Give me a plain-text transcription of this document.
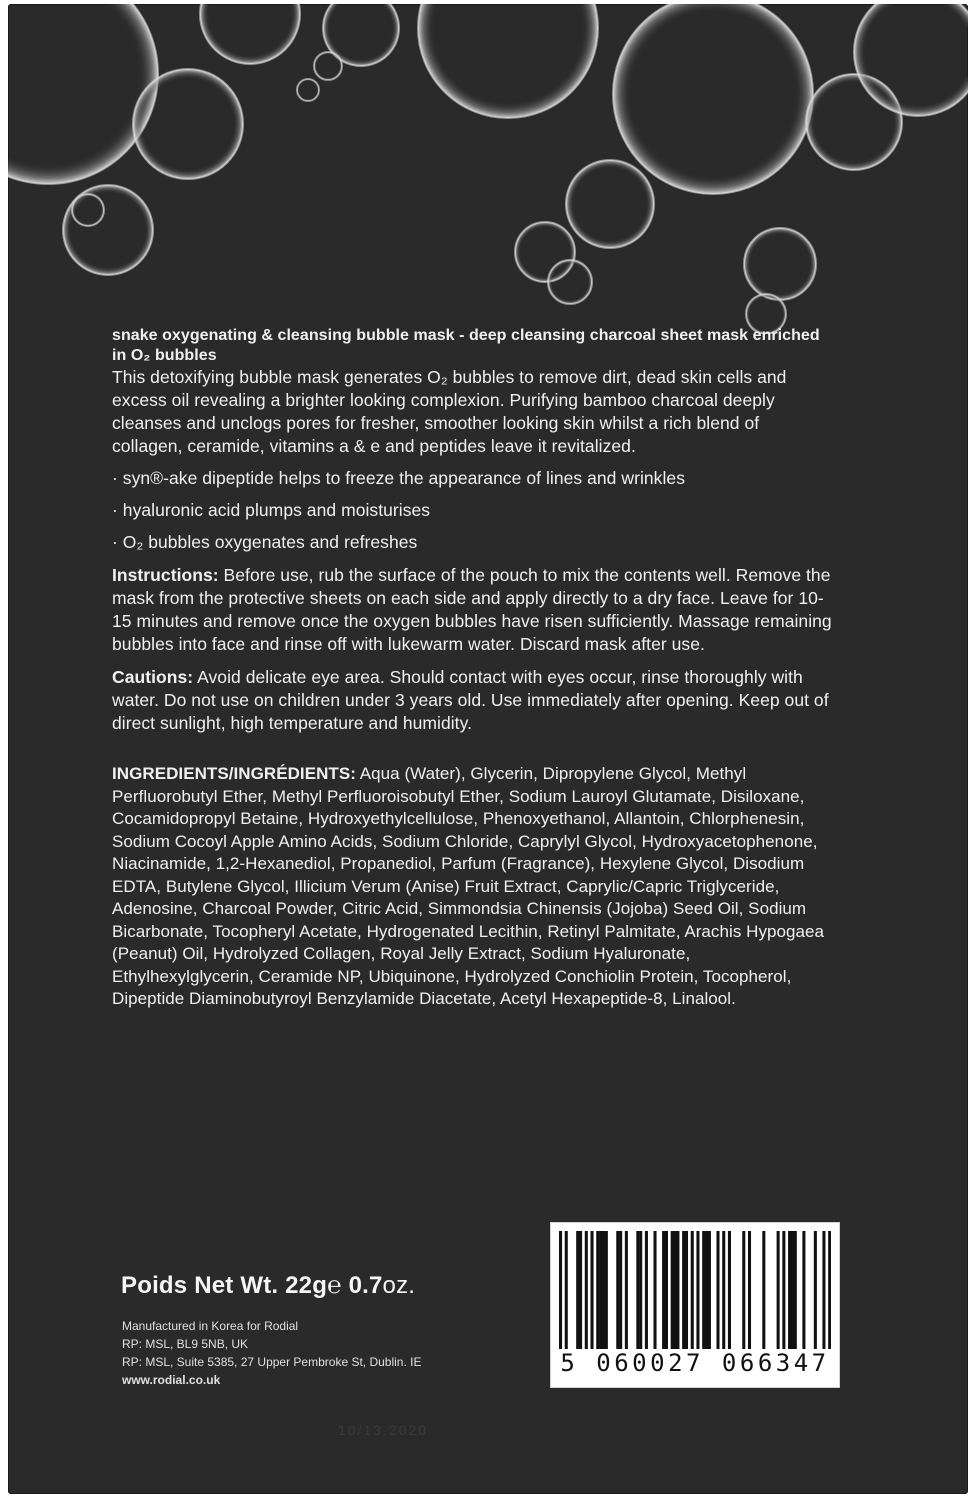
snake oxygenating & cleansing bubble mask - deep cleansing charcoal sheet mask enriched in O₂ bubbles

This detoxifying bubble mask generates O₂ bubbles to remove dirt, dead skin cells and excess oil revealing a brighter looking complexion. Purifying bamboo charcoal deeply cleanses and unclogs pores for fresher, smoother looking skin whilst a rich blend of collagen, ceramide, vitamins a & e and peptides leave it revitalized.

· syn®-ake dipeptide helps to freeze the appearance of lines and wrinkles

· hyaluronic acid plumps and moisturises

· O₂ bubbles oxygenates and refreshes

Instructions: Before use, rub the surface of the pouch to mix the contents well. Remove the mask from the protective sheets on each side and apply directly to a dry face. Leave for 10-15 minutes and remove once the oxygen bubbles have risen sufficiently. Massage remaining bubbles into face and rinse off with lukewarm water. Discard mask after use.

Cautions: Avoid delicate eye area. Should contact with eyes occur, rinse thoroughly with water. Do not use on children under 3 years old. Use immediately after opening. Keep out of direct sunlight, high temperature and humidity.

INGREDIENTS/INGRÉDIENTS: Aqua (Water), Glycerin, Dipropylene Glycol, Methyl Perfluorobutyl Ether, Methyl Perfluoroisobutyl Ether, Sodium Lauroyl Glutamate, Disiloxane, Cocamidopropyl Betaine, Hydroxyethylcellulose, Phenoxyethanol, Allantoin, Chlorphenesin, Sodium Cocoyl Apple Amino Acids, Sodium Chloride, Caprylyl Glycol, Hydroxyacetophenone, Niacinamide, 1,2-Hexanediol, Propanediol, Parfum (Fragrance), Hexylene Glycol, Disodium EDTA, Butylene Glycol, Illicium Verum (Anise) Fruit Extract, Caprylic/Capric Triglyceride, Adenosine, Charcoal Powder, Citric Acid, Simmondsia Chinensis (Jojoba) Seed Oil, Sodium Bicarbonate, Tocopheryl Acetate, Hydrogenated Lecithin, Retinyl Palmitate, Arachis Hypogaea (Peanut) Oil, Hydrolyzed Collagen, Royal Jelly Extract, Sodium Hyaluronate, Ethylhexylglycerin, Ceramide NP, Ubiquinone, Hydrolyzed Conchiolin Protein, Tocopherol, Dipeptide Diaminobutyroyl Benzylamide Diacetate, Acetyl Hexapeptide-8, Linalool.

Poids Net Wt. 22g℮ 0.7oz.
Manufactured in Korea for Rodial
RP: MSL, BL9 5NB, UK
RP: MSL, Suite 5385, 27 Upper Pembroke St, Dublin. IE
www.rodial.co.uk
5 060027 066347
10/13.2020
